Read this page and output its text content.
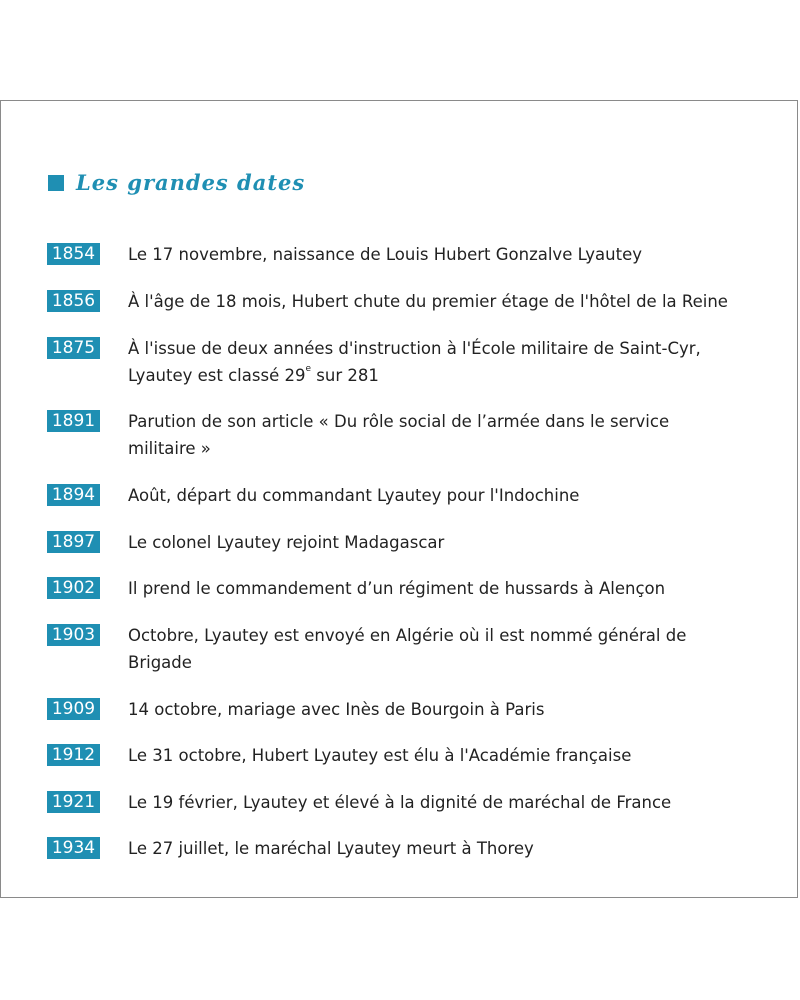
Les grandes dates
1854 Le 17 novembre, naissance de Louis Hubert Gonzalve Lyautey
1856 À l'âge de 18 mois, Hubert chute du premier étage de l'hôtel de la Reine
1875 À l'issue de deux années d'instruction à l'École militaire de Saint-Cyr,
Lyautey est classé 29e sur 281
1891 Parution de son article « Du rôle social de l’armée dans le service
militaire »
1894 Août, départ du commandant Lyautey pour l'Indochine
1897 Le colonel Lyautey rejoint Madagascar
1902 Il prend le commandement d’un régiment de hussards à Alençon
1903 Octobre, Lyautey est envoyé en Algérie où il est nommé général de
Brigade
1909 14 octobre, mariage avec Inès de Bourgoin à Paris
1912 Le 31 octobre, Hubert Lyautey est élu à l'Académie française
1921 Le 19 février, Lyautey et élevé à la dignité de maréchal de France
1934 Le 27 juillet, le maréchal Lyautey meurt à Thorey
